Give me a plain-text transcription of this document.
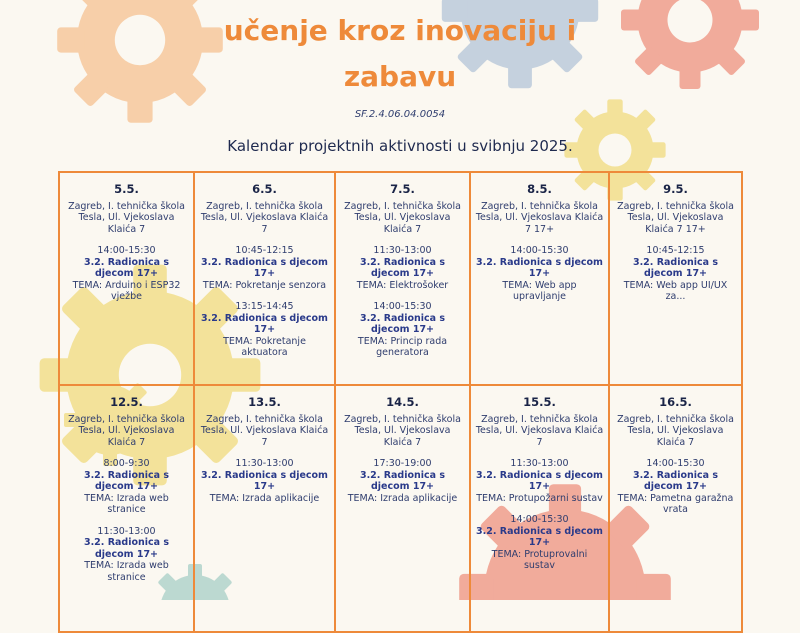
učenje kroz inovaciju i
zabavu
SF.2.4.06.04.0054
Kalendar projektnih aktivnosti u svibnju 2025.
5.5.
Zagreb, I. tehnička škola Tesla, Ul. Vjekoslava Klaića 7
14:00-15:30
3.2. Radionica s djecom 17+
TEMA: Arduino i ESP32 vježbe
6.5.
Zagreb, I. tehnička škola Tesla, Ul. Vjekoslava Klaića 7
10:45-12:15
3.2. Radionica s djecom 17+
TEMA: Pokretanje senzora
13:15-14:45
3.2. Radionica s djecom 17+
TEMA: Pokretanje aktuatora
7.5.
Zagreb, I. tehnička škola Tesla, Ul. Vjekoslava Klaića 7
11:30-13:00
3.2. Radionica s djecom 17+
TEMA: Elektrošoker
14:00-15:30
3.2. Radionica s djecom 17+
TEMA: Princip rada generatora
8.5.
Zagreb, I. tehnička škola Tesla, Ul. Vjekoslava Klaića 7 17+
14:00-15:30
3.2. Radionica s djecom 17+
TEMA: Web app upravljanje
9.5.
Zagreb, I. tehnička škola Tesla, Ul. Vjekoslava Klaića 7 17+
10:45-12:15
3.2. Radionica s djecom 17+
TEMA: Web app UI/UX za...
12.5.
Zagreb, I. tehnička škola Tesla, Ul. Vjekoslava Klaića 7
8:00-9:30
3.2. Radionica s djecom 17+
TEMA: Izrada web stranice
11:30-13:00
3.2. Radionica s djecom 17+
TEMA: Izrada web stranice
13.5.
Zagreb, I. tehnička škola Tesla, Ul. Vjekoslava Klaića 7
11:30-13:00
3.2. Radionica s djecom 17+
TEMA: Izrada aplikacije
14.5.
Zagreb, I. tehnička škola Tesla, Ul. Vjekoslava Klaića 7
17:30-19:00
3.2. Radionica s djecom 17+
TEMA: Izrada aplikacije
15.5.
Zagreb, I. tehnička škola Tesla, Ul. Vjekoslava Klaića 7
11:30-13:00
3.2. Radionica s djecom 17+
TEMA: Protupožarni sustav
14:00-15:30
3.2. Radionica s djecom 17+
TEMA: Protuprovalni sustav
16.5.
Zagreb, I. tehnička škola Tesla, Ul. Vjekoslava Klaića 7
14:00-15:30
3.2. Radionica s djecom 17+
TEMA: Pametna garažna vrata
